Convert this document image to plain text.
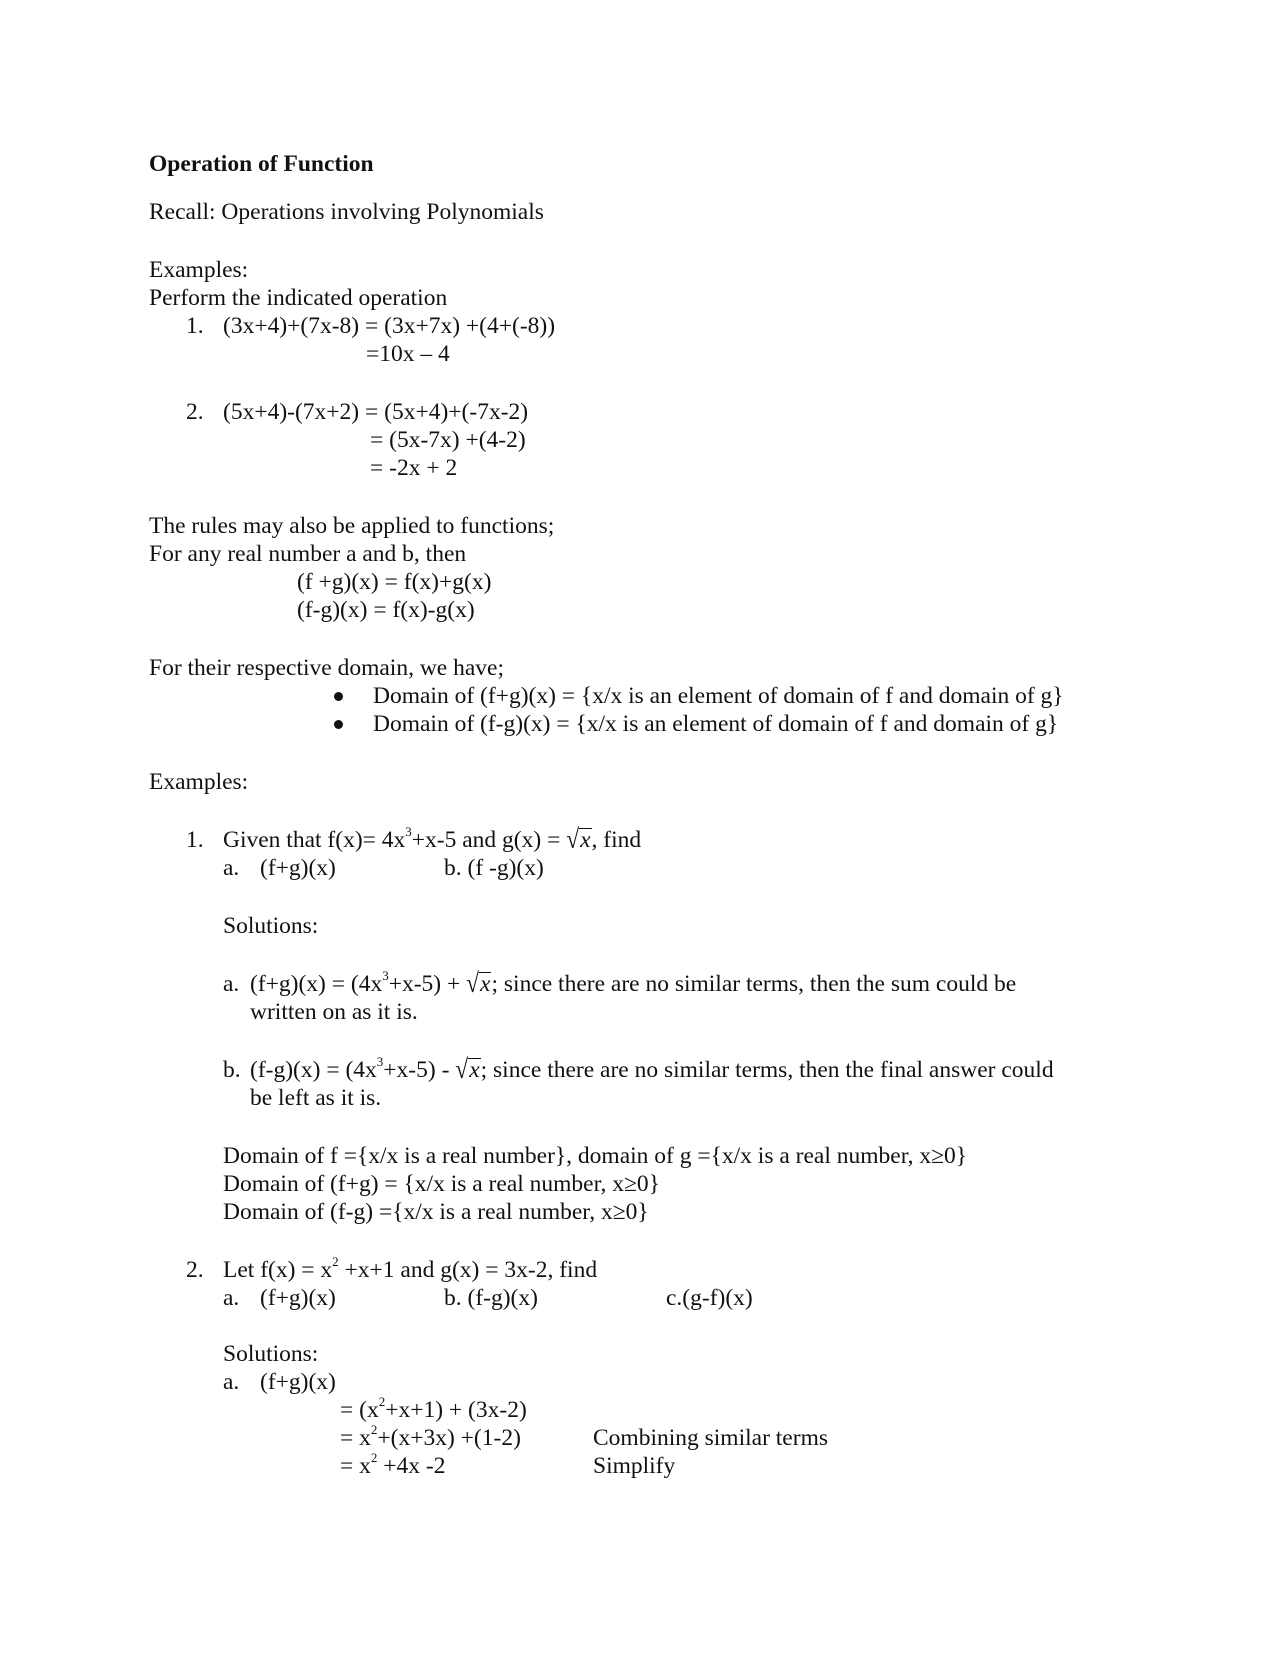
Operation of Function
Recall: Operations involving Polynomials
Examples:
Perform the indicated operation
1. (3x+4)+(7x-8) = (3x+7x) +(4+(-8))
=10x – 4
2. (5x+4)-(7x+2) = (5x+4)+(-7x-2)
= (5x-7x) +(4-2)
= -2x + 2
The rules may also be applied to functions;
For any real number a and b, then
(f +g)(x) = f(x)+g(x)
(f-g)(x) = f(x)-g(x)
For their respective domain, we have;
Domain of (f+g)(x) = {x/x is an element of domain of f and domain of g}
Domain of (f-g)(x) = {x/x is an element of domain of f and domain of g}
Examples:
1. Given that $f(x)= 4x^3+x-5$ and g(x) = √x, find
a. (f+g)(x)	b. (f -g)(x)
Solutions:
a. $(f+g)(x) = (4x^3+x-5) + √x$; since there are no similar terms, then the sum could be
written on as it is.
b. $(f-g)(x) = (4x^3+x-5) - √x$; since there are no similar terms, then the final answer could
be left as it is.
Domain of f ={x/x is a real number}, domain of g ={x/x is a real number, x≥0}
Domain of (f+g) = {x/x is a real number, x≥0}
Domain of (f-g) ={x/x is a real number, x≥0}
2. Let $f(x) = x^2 +x+1$ and g(x) = 3x-2, find
a. (f+g)(x)	b. (f-g)(x)	c.(g-f)(x)
Solutions:
a. (f+g)(x)
= $(x^2+x+1) + (3x-2)$
= $x^2+(x+3x) +(1-2)$	Combining similar terms
= $x^2 +4x$ -2	Simplify
